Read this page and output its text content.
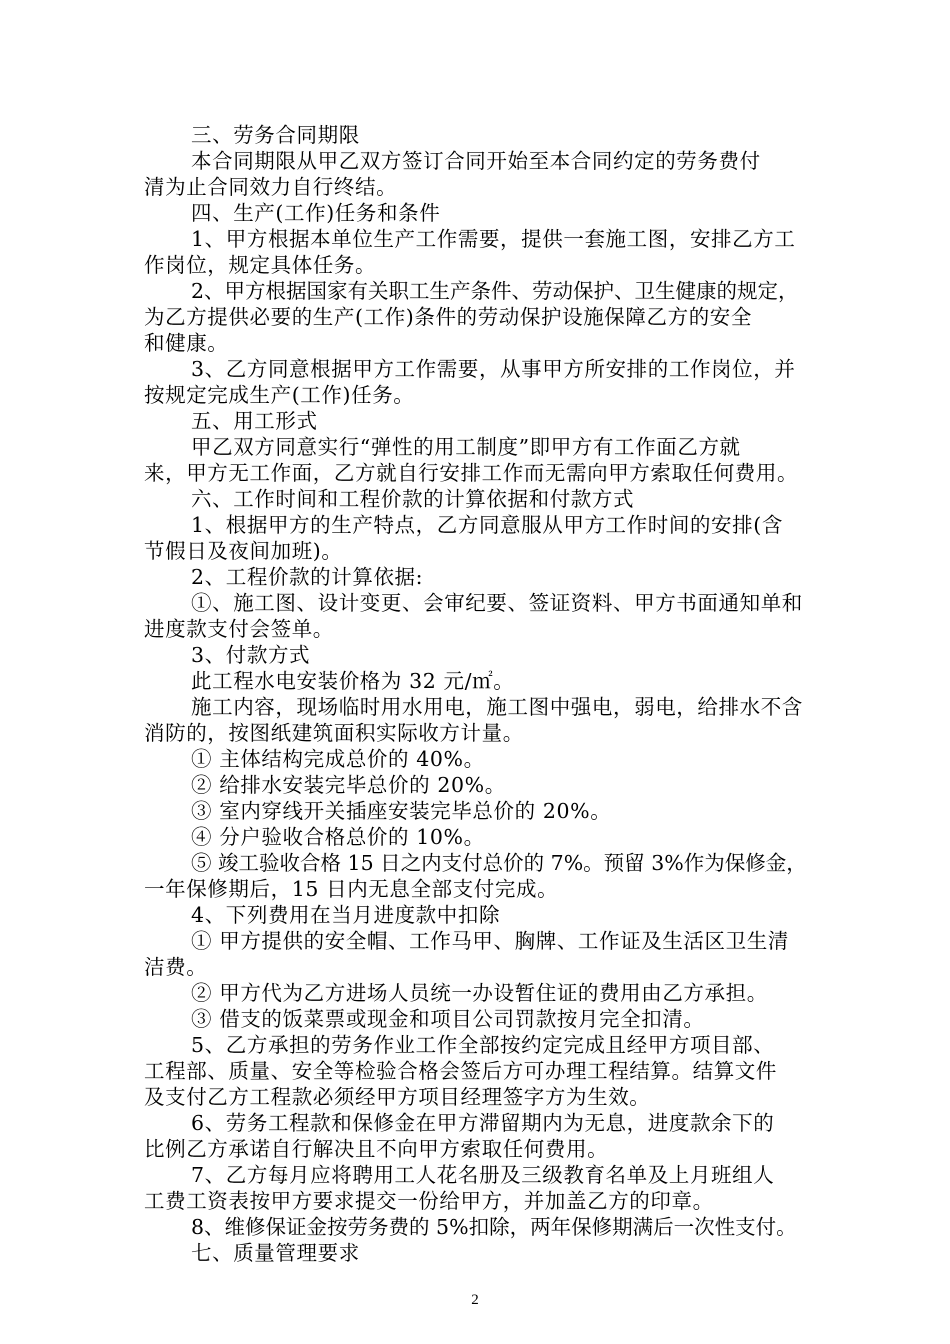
三、劳务合同期限
本合同期限从甲乙双方签订合同开始至本合同约定的劳务费付
清为止合同效力自行终结。
四、生产(工作)任务和条件
1、甲方根据本单位生产工作需要，提供一套施工图，安排乙方工
作岗位，规定具体任务。
2、甲方根据国家有关职工生产条件、劳动保护、卫生健康的规定，
为乙方提供必要的生产(工作)条件的劳动保护设施保障乙方的安全
和健康。
3、乙方同意根据甲方工作需要，从事甲方所安排的工作岗位，并
按规定完成生产(工作)任务。
五、用工形式
甲乙双方同意实行“弹性的用工制度”即甲方有工作面乙方就
来，甲方无工作面，乙方就自行安排工作而无需向甲方索取任何费用。
六、工作时间和工程价款的计算依据和付款方式
1、根据甲方的生产特点，乙方同意服从甲方工作时间的安排(含
节假日及夜间加班)。
2、工程价款的计算依据:
①、施工图、设计变更、会审纪要、签证资料、甲方书面通知单和
进度款支付会签单。
3、付款方式
此工程水电安装价格为 32 元/㎡。
施工内容，现场临时用水用电，施工图中强电，弱电，给排水不含
消防的，按图纸建筑面积实际收方计量。
① 主体结构完成总价的 40%。
② 给排水安装完毕总价的 20%。
③ 室内穿线开关插座安装完毕总价的 20%。
④ 分户验收合格总价的 10%。
⑤ 竣工验收合格 15 日之内支付总价的 7%。预留 3%作为保修金，
一年保修期后，15 日内无息全部支付完成。
4、下列费用在当月进度款中扣除
① 甲方提供的安全帽、工作马甲、胸牌、工作证及生活区卫生清
洁费。
② 甲方代为乙方进场人员统一办设暂住证的费用由乙方承担。
③ 借支的饭菜票或现金和项目公司罚款按月完全扣清。
5、乙方承担的劳务作业工作全部按约定完成且经甲方项目部、
工程部、质量、安全等检验合格会签后方可办理工程结算。结算文件
及支付乙方工程款必须经甲方项目经理签字方为生效。
6、劳务工程款和保修金在甲方滞留期内为无息，进度款余下的
比例乙方承诺自行解决且不向甲方索取任何费用。
7、乙方每月应将聘用工人花名册及三级教育名单及上月班组人
工费工资表按甲方要求提交一份给甲方，并加盖乙方的印章。
8、维修保证金按劳务费的 5%扣除，两年保修期满后一次性支付。
七、质量管理要求
2
